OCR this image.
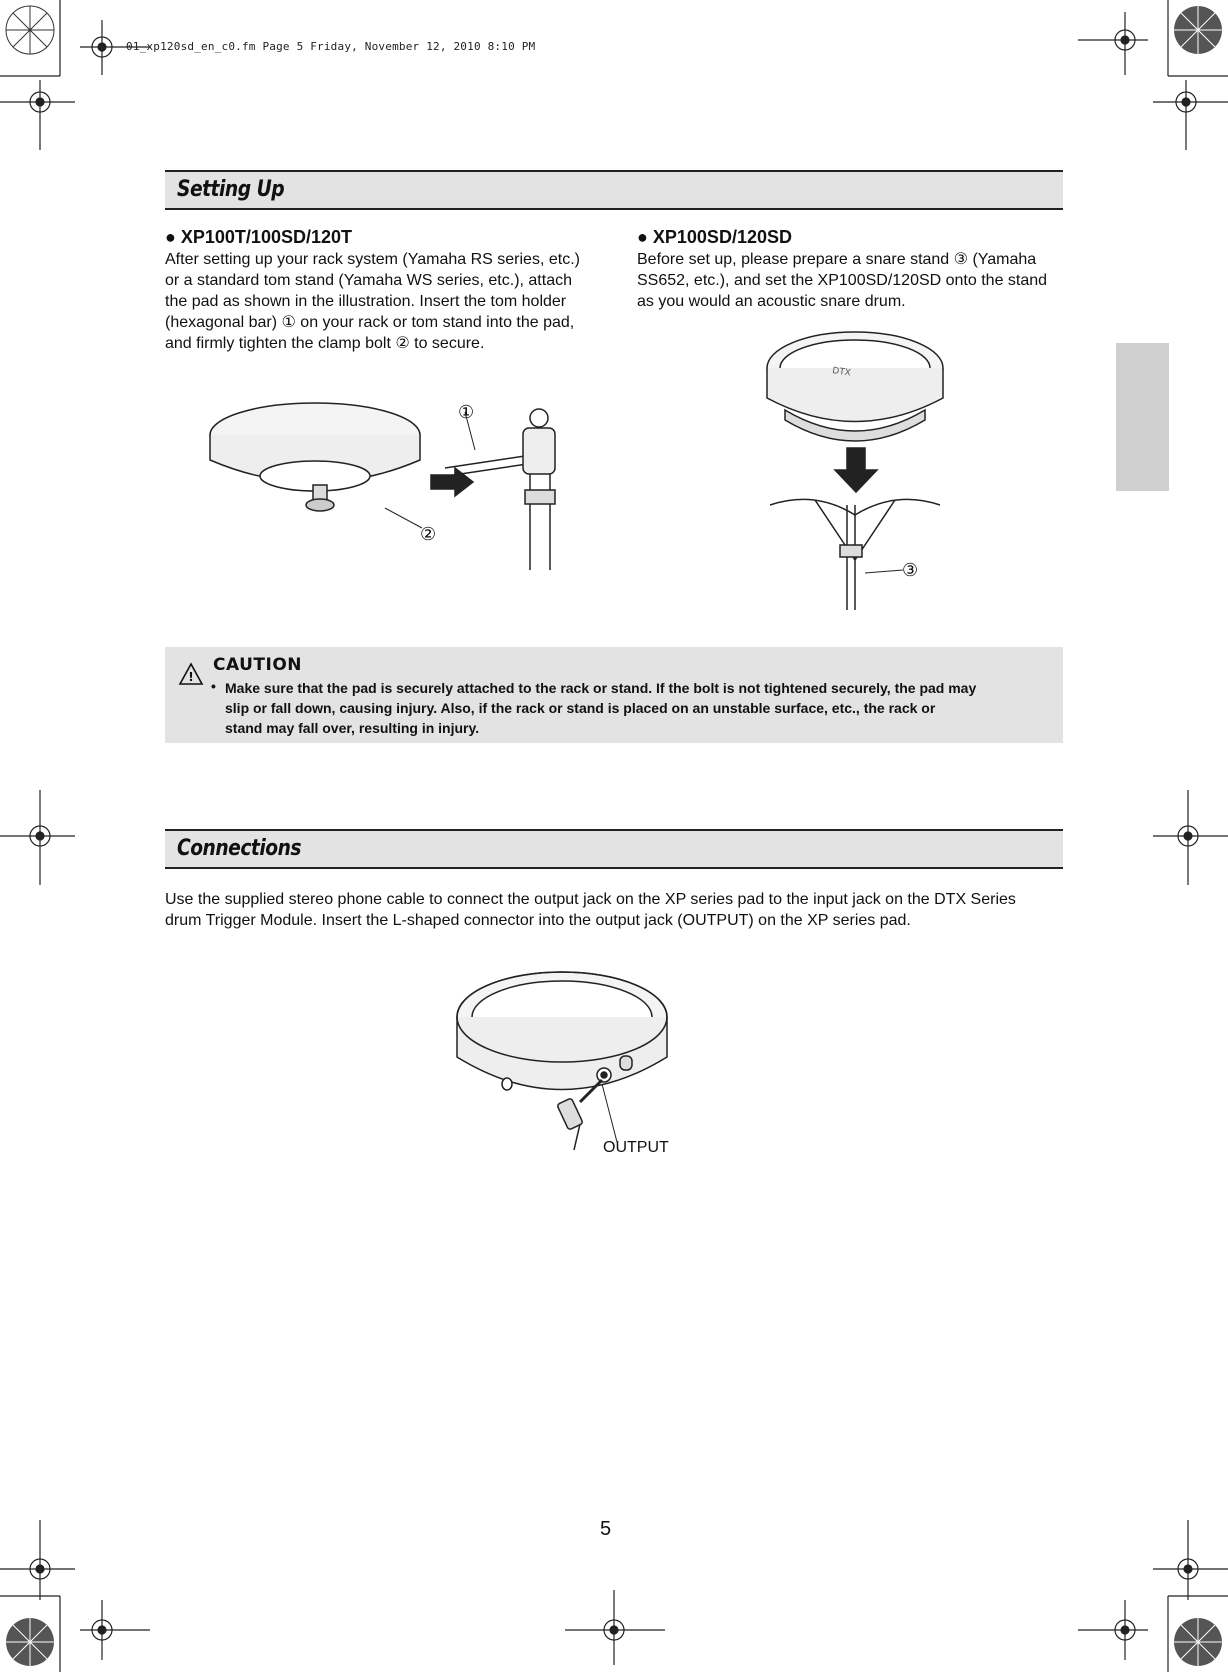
01_xp120sd_en_c0.fm Page 5 Friday, November 12, 2010 8:10 PM
Setting Up
● XP100T/100SD/120T
After setting up your rack system (Yamaha RS series, etc.)
or a standard tom stand (Yamaha WS series, etc.), attach
the pad as shown in the illustration. Insert the tom holder
(hexagonal bar) ① on your rack or tom stand into the pad,
and firmly tighten the clamp bolt ② to secure.
● XP100SD/120SD
Before set up, please prepare a snare stand ③ (Yamaha
SS652, etc.), and set the XP100SD/120SD onto the stand
as you would an acoustic snare drum.
①
②
DTX
③
!
CAUTION
• Make sure that the pad is securely attached to the rack or stand. If the bolt is not tightened securely, the pad may
slip or fall down, causing injury. Also, if the rack or stand is placed on an unstable surface, etc., the rack or
stand may fall over, resulting in injury.
Connections
Use the supplied stereo phone cable to connect the output jack on the XP series pad to the input jack on the DTX Series
drum Trigger Module. Insert the L-shaped connector into the output jack (OUTPUT) on the XP series pad.
OUTPUT
5
